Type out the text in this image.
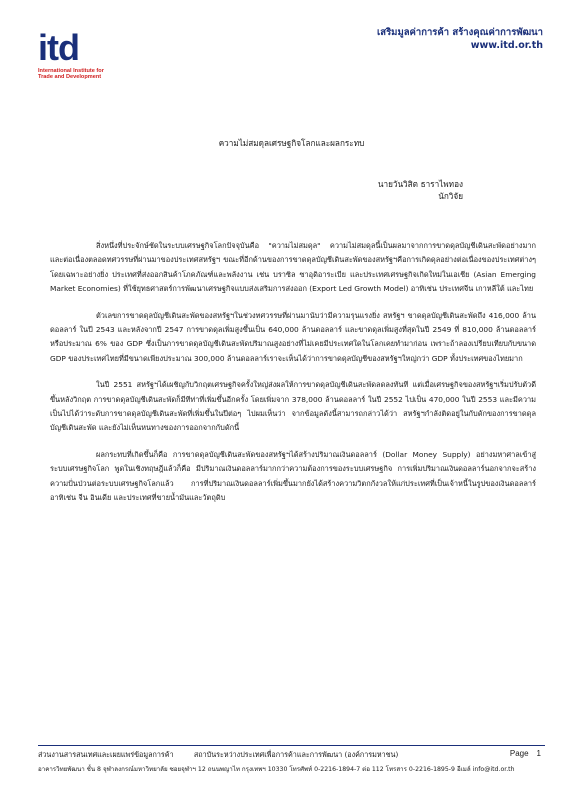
itd
International Institute for
Trade and Development
เสริมมูลค่าการค้า สร้างคุณค่าการพัฒนา
www.itd.or.th
ความไม่สมดุลเศรษฐกิจโลกและผลกระทบ
นายวันวิสิต ธาราไพทอง
นักวิจัย

สิ่งหนึ่งที่ประจักษ์ชัดในระบบเศรษฐกิจโลกปัจจุบันคือ "ความไม่สมดุล" ความไม่สมดุลนี้เป็นผลมาจากการขาดดุลบัญชีเดินสะพัดอย่างมาก และต่อเนื่องตลอดทศวรรษที่ผ่านมาของประเทศสหรัฐฯ ขณะที่อีกด้านของการขาดดุลบัญชีเดินสะพัดของสหรัฐฯคือการเกิดดุลอย่างต่อเนื่องของประเทศต่างๆ โดยเฉพาะอย่างยิ่ง ประเทศที่ส่งออกสินค้าโภคภัณฑ์และพลังงาน เช่น บราซิล ซาอุดิอาระเบีย และประเทศเศรษฐกิจเกิดใหม่ในเอเชีย (Asian Emerging Market Economies) ที่ใช้ยุทธศาสตร์การพัฒนาเศรษฐกิจแบบส่งเสริมการส่งออก (Export Led Growth Model) อาทิเช่น ประเทศจีน เกาหลีใต้ และไทย

ตัวเลขการขาดดุลบัญชีเดินสะพัดของสหรัฐฯในช่วงทศวรรษที่ผ่านมานับว่ามีความรุนแรงยิ่ง สหรัฐฯ ขาดดุลบัญชีเดินสะพัดถึง 416,000 ล้านดอลลาร์ ในปี 2543 และหลังจากปี 2547 การขาดดุลเพิ่มสูงขึ้นเป็น 640,000 ล้านดอลลาร์ และขาดดุลเพิ่มสูงที่สุดในปี 2549 ที่ 810,000 ล้านดอลลาร์ หรือประมาณ 6% ของ GDP ซึ่งเป็นการขาดดุลบัญชีเดินสะพัดปริมาณสูงอย่างที่ไม่เคยมีประเทศใดในโลกเคยทำมาก่อน เพราะถ้าลองเปรียบเทียบกับขนาด GDP ของประเทศไทยที่มีขนาดเพียงประมาณ 300,000 ล้านดอลลาร์เราจะเห็นได้ว่าการขาดดุลบัญชีของสหรัฐฯใหญ่กว่า GDP ทั้งประเทศของไทยมาก

ในปี 2551 สหรัฐฯได้เผชิญกับวิกฤตเศรษฐกิจครั้งใหญ่ส่งผลให้การขาดดุลบัญชีเดินสะพัดลดลงทันที แต่เมื่อเศรษฐกิจของสหรัฐฯเริ่มปรับตัวดีขึ้นหลังวิกฤต การขาดดุลบัญชีเดินสะพัดก็มีทีท่าที่เพิ่มขึ้นอีกครั้ง โดยเพิ่มจาก 378,000 ล้านดอลลาร์ ในปี 2552 ไปเป็น 470,000 ในปี 2553 และมีความเป็นไปได้ว่าระดับการขาดดุลบัญชีเดินสะพัดที่เพิ่มขึ้นในปีต่อๆ ไปผมเห็นว่า จากข้อมูลดังนี้สามารถกล่าวได้ว่า สหรัฐฯกำลังติดอยู่ในกับดักของการขาดดุลบัญชีเดินสะพัด และยังไม่เห็นหนทางของการออกจากกับดักนี้

ผลกระทบที่เกิดขึ้นก็คือ การขาดดุลบัญชีเดินสะพัดของสหรัฐฯได้สร้างปริมาณเงินดอลลาร์ (Dollar Money Supply) อย่างมหาศาลเข้าสู่ระบบเศรษฐกิจโลก พูดในเชิงทฤษฎีแล้วก็คือ มีปริมาณเงินดอลลาร์มากกว่าความต้องการของระบบเศรษฐกิจ การเพิ่มปริมาณเงินดอลลาร์นอกจากจะสร้างความปั่นป่วนต่อระบบเศรษฐกิจโลกแล้ว การที่ปริมาณเงินดอลลาร์เพิ่มขึ้นมากยังได้สร้างความวิตกกังวลให้แก่ประเทศที่เป็นเจ้าหนี้ในรูปของเงินดอลลาร์ อาทิเช่น จีน อินเดีย และประเทศที่ขายน้ำมันและวัตถุดิบ

ส่วนงานสารสนเทศและเผยแพร่ข้อมูลการค้า	สถาบันระหว่างประเทศเพื่อการค้าและการพัฒนา (องค์การมหาชน)	Page 1
อาคารวิทยพัฒนา ชั้น 8 จุฬาลงกรณ์มหาวิทยาลัย ซอยจุฬาฯ 12 ถนนพญาไท กรุงเทพฯ 10330 โทรศัพท์ 0-2216-1894-7 ต่อ 112 โทรสาร 0-2216-1895-9 อีเมล์ info@itd.or.th
